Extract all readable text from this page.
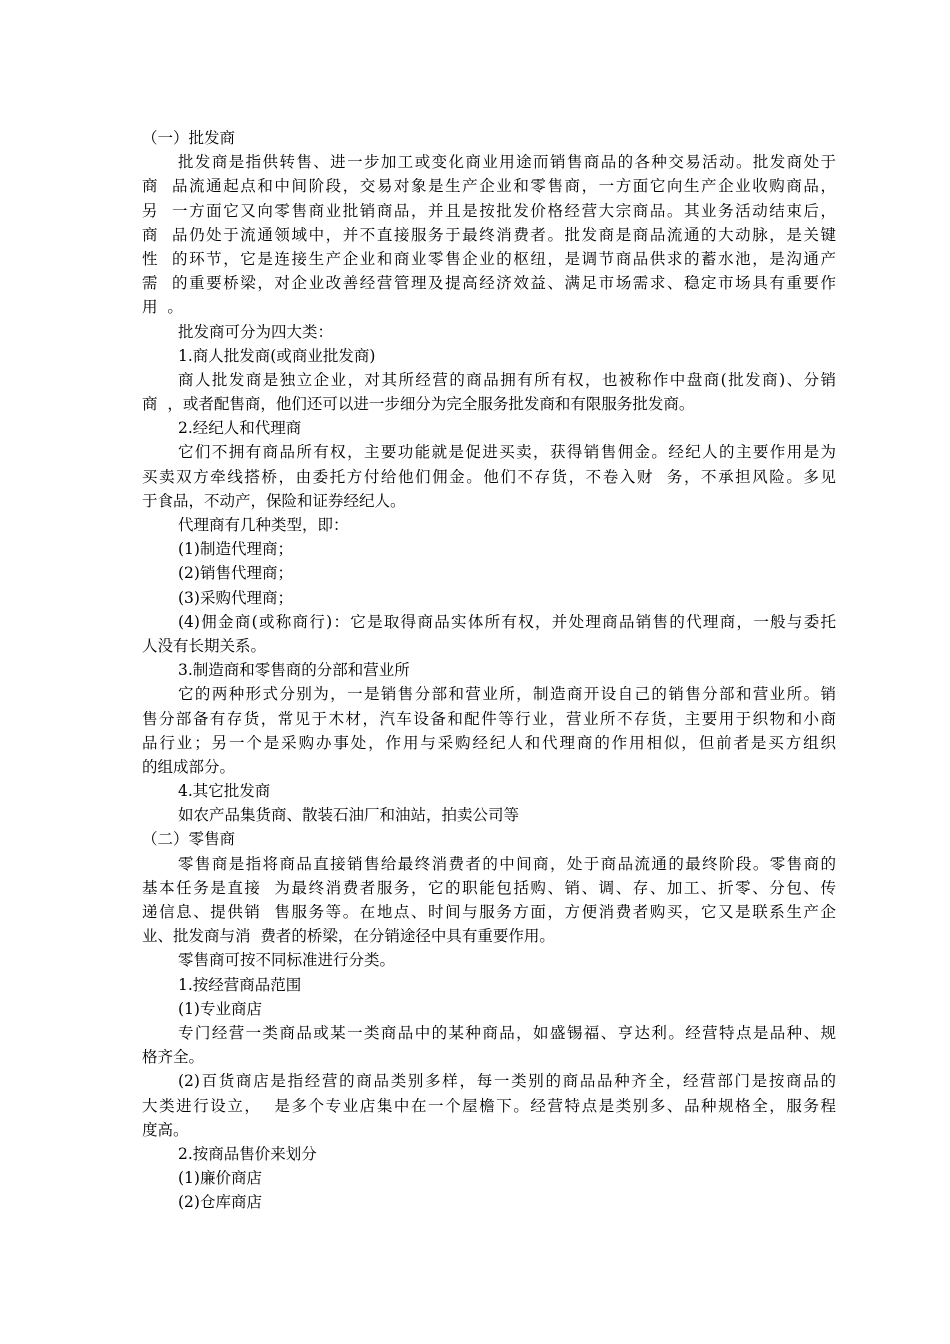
（一）批发商
批发商是指供转售、进一步加工或变化商业用途而销售商品的各种交易活动。批发商处于
商  品流通起点和中间阶段，交易对象是生产企业和零售商，一方面它向生产企业收购商品，
另  一方面它又向零售商业批销商品，并且是按批发价格经营大宗商品。其业务活动结束后，
商  品仍处于流通领域中，并不直接服务于最终消费者。批发商是商品流通的大动脉，是关键
性  的环节，它是连接生产企业和商业零售企业的枢纽，是调节商品供求的蓄水池，是沟通产
需  的重要桥梁，对企业改善经营管理及提高经济效益、满足市场需求、稳定市场具有重要作
用  。
批发商可分为四大类：
1.商人批发商(或商业批发商)
商人批发商是独立企业，对其所经营的商品拥有所有权，也被称作中盘商(批发商)、分销
商  ，或者配售商，他们还可以进一步细分为完全服务批发商和有限服务批发商。
2.经纪人和代理商
它们不拥有商品所有权，主要功能就是促进买卖，获得销售佣金。经纪人的主要作用是为
买卖双方牵线搭桥，由委托方付给他们佣金。他们不存货，不卷入财  务，不承担风险。多见
于食品，不动产，保险和证券经纪人。
代理商有几种类型，即：
(1)制造代理商；
(2)销售代理商；
(3)采购代理商；
(4)佣金商(或称商行)：它是取得商品实体所有权，并处理商品销售的代理商，一般与委托
人没有长期关系。
3.制造商和零售商的分部和营业所
它的两种形式分别为，一是销售分部和营业所，制造商开设自己的销售分部和营业所。销
售分部备有存货，常见于木材，汽车设备和配件等行业，营业所不存货，主要用于织物和小商
品行业；另一个是采购办事处，作用与采购经纪人和代理商的作用相似，但前者是买方组织
的组成部分。
4.其它批发商
如农产品集货商、散装石油厂和油站，拍卖公司等
（二）零售商
零售商是指将商品直接销售给最终消费者的中间商，处于商品流通的最终阶段。零售商的
基本任务是直接  为最终消费者服务，它的职能包括购、销、调、存、加工、折零、分包、传
递信息、提供销  售服务等。在地点、时间与服务方面，方便消费者购买，它又是联系生产企
业、批发商与消  费者的桥梁，在分销途径中具有重要作用。
零售商可按不同标准进行分类。
1.按经营商品范围
(1)专业商店
专门经营一类商品或某一类商品中的某种商品，如盛锡福、亨达利。经营特点是品种、规
格齐全。
(2)百货商店是指经营的商品类别多样，每一类别的商品品种齐全，经营部门是按商品的
大类进行设立，  是多个专业店集中在一个屋檐下。经营特点是类别多、品种规格全，服务程
度高。
2.按商品售价来划分
(1)廉价商店
(2)仓库商店
